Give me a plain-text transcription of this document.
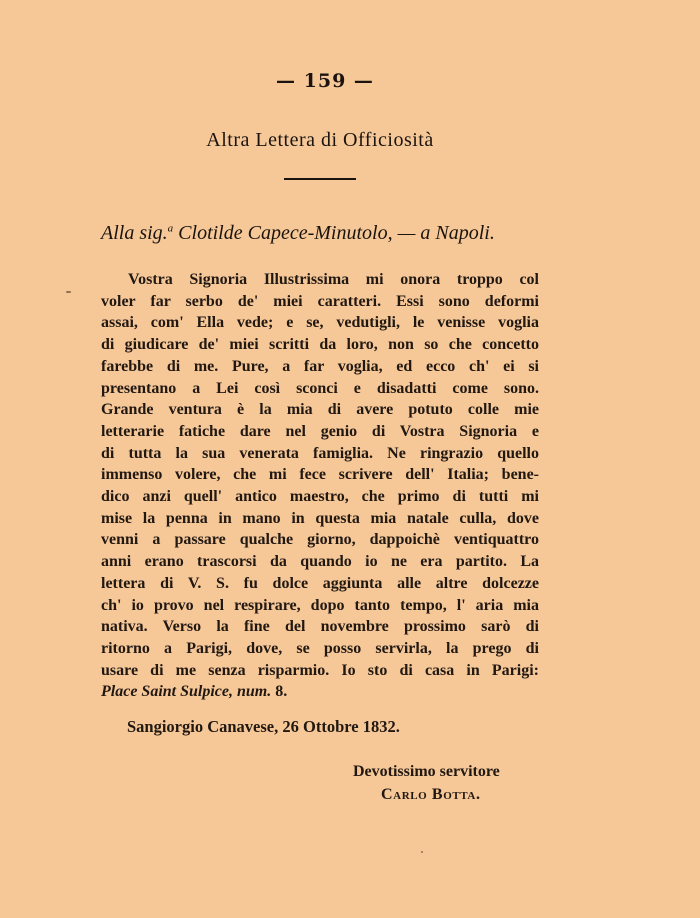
— 159 —
Altra Lettera di Officiosità
Alla sig.$^a$ Clotilde Capece-Minutolo, — a Napoli.
Vostra Signoria Illustrissima mi onora troppo col
voler far serbo de' miei caratteri. Essi sono deformi
assai, com' Ella vede; e se, vedutigli, le venisse voglia
di giudicare de' miei scritti da loro, non so che concetto
farebbe di me. Pure, a far voglia, ed ecco ch' ei si
presentano a Lei così sconci e disadatti come sono.
Grande ventura è la mia di avere potuto colle mie
letterarie fatiche dare nel genio di Vostra Signoria e
di tutta la sua venerata famiglia. Ne ringrazio quello
immenso volere, che mi fece scrivere dell' Italia; bene-
dico anzi quell' antico maestro, che primo di tutti mi
mise la penna in mano in questa mia natale culla, dove
venni a passare qualche giorno, dappoichè ventiquattro
anni erano trascorsi da quando io ne era partito. La
lettera di V. S. fu dolce aggiunta alle altre dolcezze
ch' io provo nel respirare, dopo tanto tempo, l' aria mia
nativa. Verso la fine del novembre prossimo sarò di
ritorno a Parigi, dove, se posso servirla, la prego di
usare di me senza risparmio. Io sto di casa in Parigi:
Place Saint Sulpice, num. 8.
Sangiorgio Canavese, 26 Ottobre 1832.
Devotissimo servitore
Carlo Botta.
